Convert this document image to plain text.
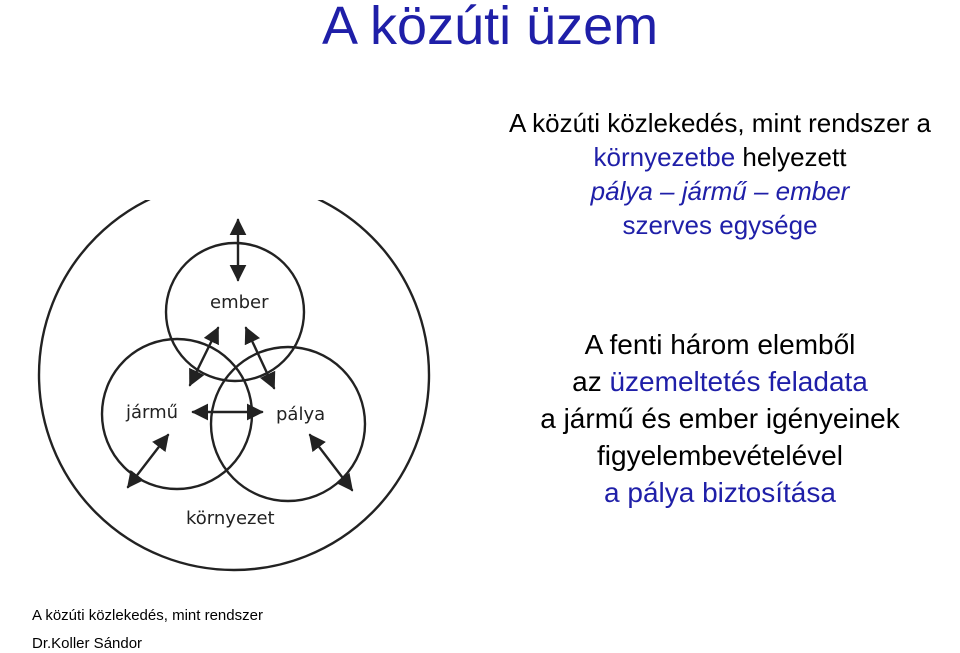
A közúti üzem
A közúti közlekedés, mint rendszer a
környezetbe helyezett
pálya – jármű – ember
szerves egysége
A fenti három elemből
az üzemeltetés feladata
a jármű és ember igényeinek
figyelembevételével
a pálya biztosítása
ember
jármű	pálya
környezet
A közúti közlekedés, mint rendszer
Dr.Koller Sándor
